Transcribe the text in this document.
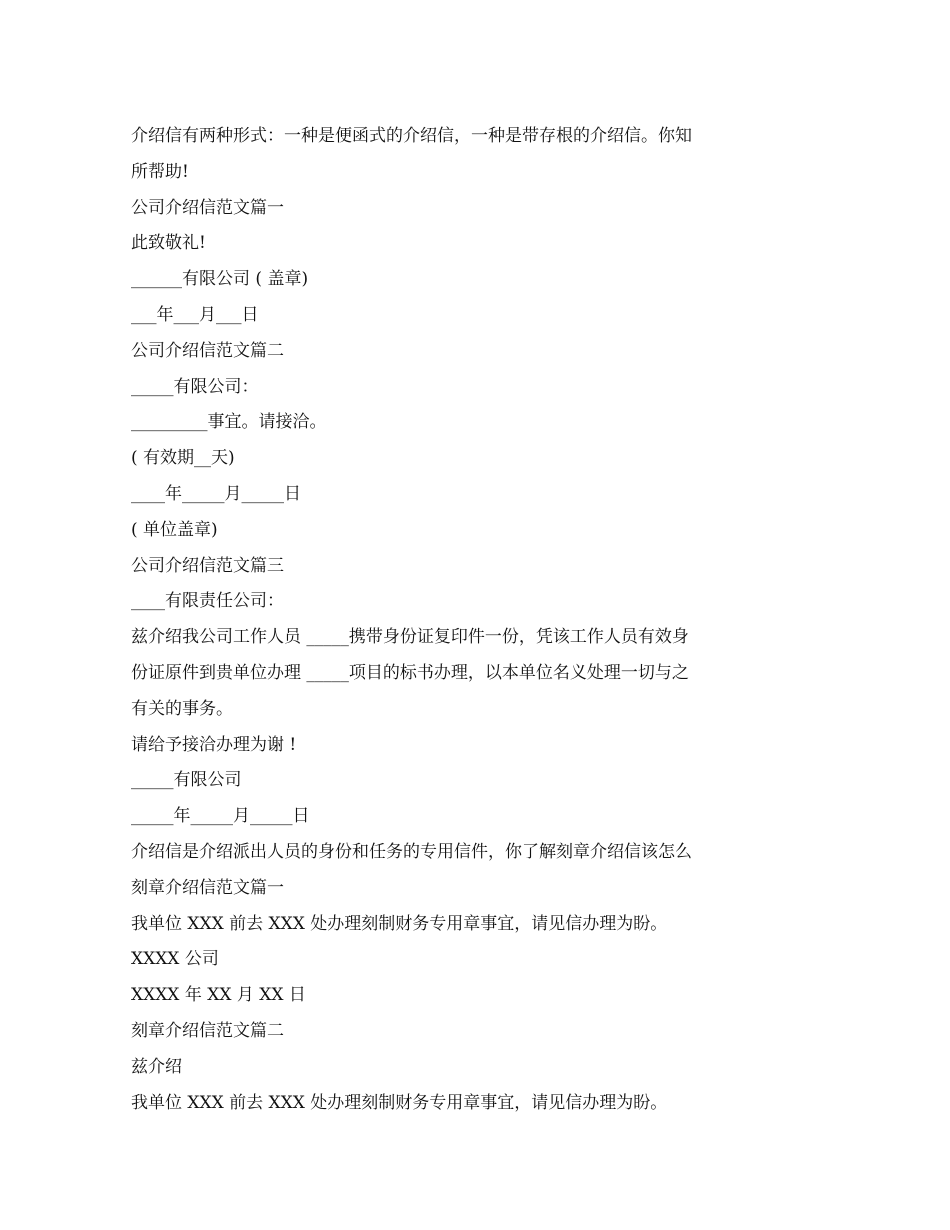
介绍信有两种形式：一种是便函式的介绍信，一种是带存根的介绍信。你知
所帮助!
公司介绍信范文篇一
此致敬礼!
______有限公司 ( 盖章)
___年___月___日
公司介绍信范文篇二
_____有限公司：
_________事宜。请接洽。
( 有效期__天)
____年_____月_____日
( 单位盖章)
公司介绍信范文篇三
____有限责任公司：
兹介绍我公司工作人员 _____携带身份证复印件一份，凭该工作人员有效身
份证原件到贵单位办理 _____项目的标书办理，以本单位名义处理一切与之
有关的事务。
请给予接洽办理为谢 !
_____有限公司
_____年_____月_____日
介绍信是介绍派出人员的身份和任务的专用信件，你了解刻章介绍信该怎么
刻章介绍信范文篇一
我单位 XXX 前去 XXX 处办理刻制财务专用章事宜，请见信办理为盼。
XXXX 公司
XXXX 年 XX 月 XX 日
刻章介绍信范文篇二
兹介绍
我单位 XXX 前去 XXX 处办理刻制财务专用章事宜，请见信办理为盼。
